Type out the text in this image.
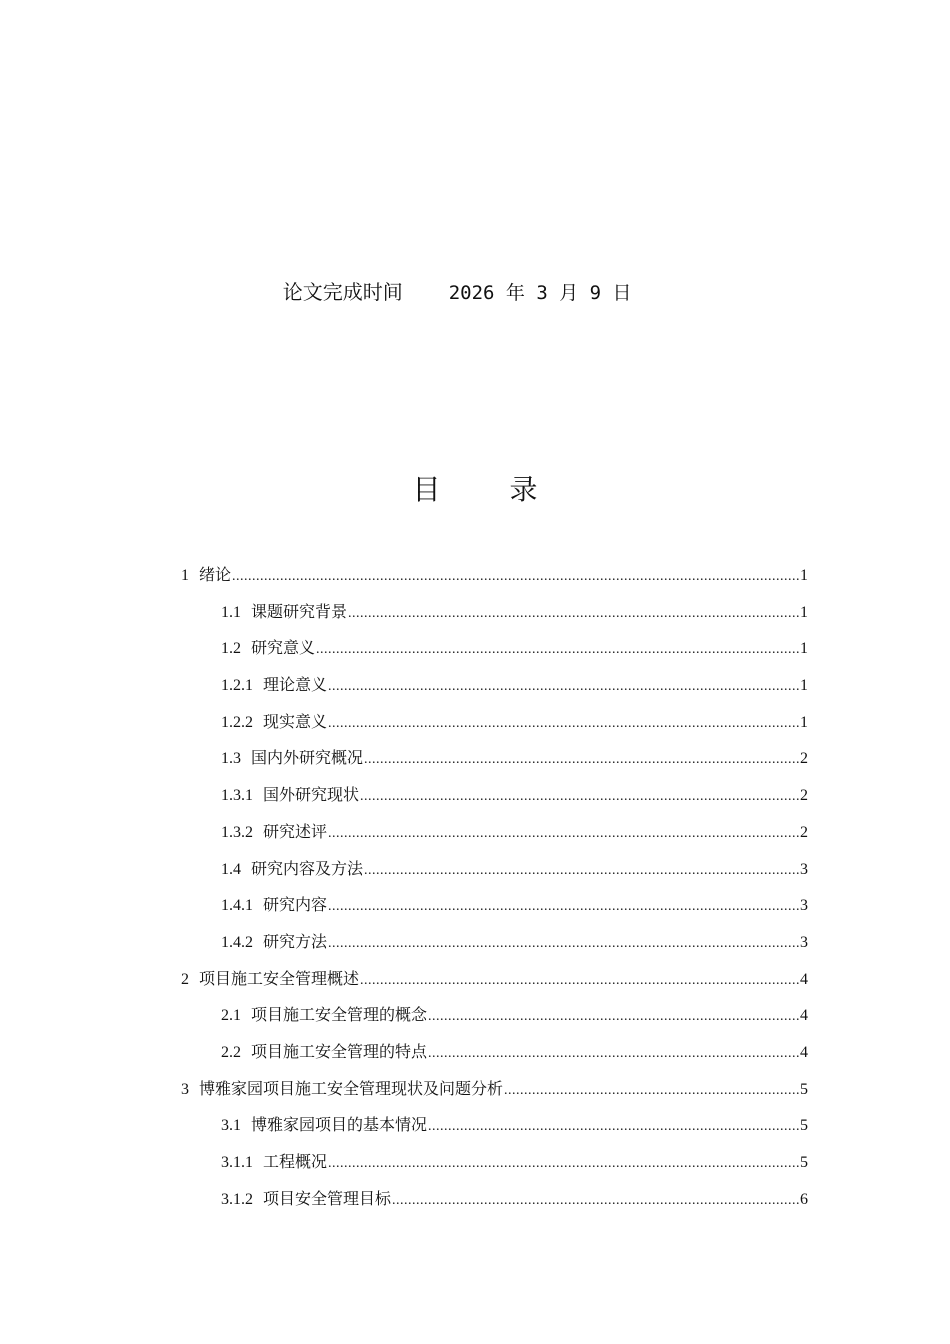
论文完成时间 2026 年 3 月 9 日

目 录
1 绪论 .....	1
1.1 课题研究背景 .....	1
1.2 研究意义 .....	1
1.2.1 理论意义 .....	1
1.2.2 现实意义 .....	1
1.3 国内外研究概况 .....	2
1.3.1 国外研究现状 .....	2
1.3.2 研究述评 .....	2
1.4 研究内容及方法 .....	3
1.4.1 研究内容 .....	3
1.4.2 研究方法 .....	3
2 项目施工安全管理概述 .....	4
2.1 项目施工安全管理的概念 .....	4
2.2 项目施工安全管理的特点 .....	4
3 博雅家园项目施工安全管理现状及问题分析 .....	5
3.1 博雅家园项目的基本情况 .....	5
3.1.1 工程概况 .....	5
3.1.2 项目安全管理目标 .....	6
